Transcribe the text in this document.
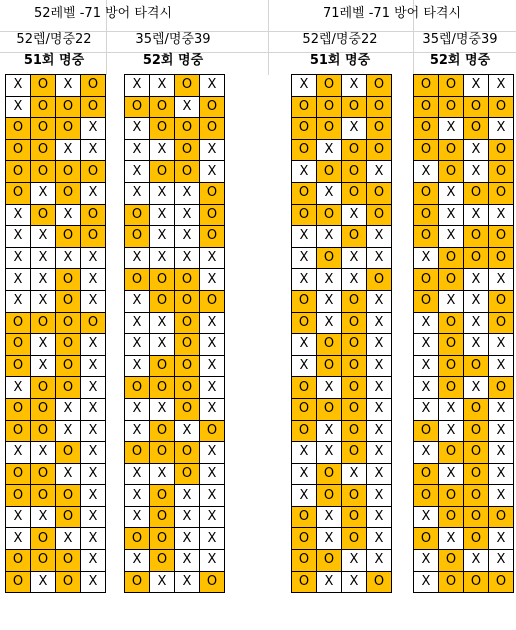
52레벨 -71 방어 타격시
52렙/명중22
51회 명중
35렙/명중39
52회 명중
71레벨 -71 방어 타격시
52렙/명중22
51회 명중
35렙/명중39
52회 명중
X	O	X	O
X	O	O	O
O	O	O	X
O	O	X	X
O	O	O	O
O	X	O	X
X	O	X	O
X	X	O	O
X	X	X	X
X	X	O	X
X	X	O	X
O	O	O	O
O	X	O	X
O	X	O	X
X	O	O	X
O	O	X	X
O	O	X	X
X	X	O	X
O	O	X	X
O	O	O	X
X	X	O	X
X	O	X	X
O	O	O	X
O	X	O	X
X	X	O	X
O	O	X	O
X	O	O	O
X	X	O	X
X	O	O	X
X	X	X	O
O	X	X	O
O	X	X	O
X	X	X	X
O	O	O	X
X	O	O	O
X	X	O	X
X	X	O	X
X	O	O	X
O	O	O	X
X	X	O	X
X	O	X	O
O	O	O	X
X	X	O	X
X	O	X	X
X	O	X	X
O	O	X	X
X	O	X	X
O	X	X	O
X	O	X	O
O	O	O	O
O	O	X	O
O	X	O	O
X	O	O	X
O	X	O	O
O	O	X	O
X	X	O	X
X	O	X	X
X	X	X	O
O	X	O	X
O	X	O	X
X	O	O	X
X	O	O	X
O	X	O	X
O	O	O	X
O	X	O	X
X	X	O	X
X	O	X	X
X	O	O	X
O	X	O	X
O	X	O	X
O	O	X	X
O	X	X	O
O	O	X	X
O	O	O	O
O	X	O	X
O	O	X	O
X	O	X	O
O	X	O	O
O	X	X	X
O	X	O	O
X	O	O	O
O	O	X	X
O	X	X	O
X	O	X	O
X	O	X	X
X	O	O	X
X	O	X	O
X	X	O	X
O	X	O	X
X	O	O	X
O	X	O	X
O	O	O	X
X	O	O	O
O	X	O	X
X	O	X	X
X	O	O	O
